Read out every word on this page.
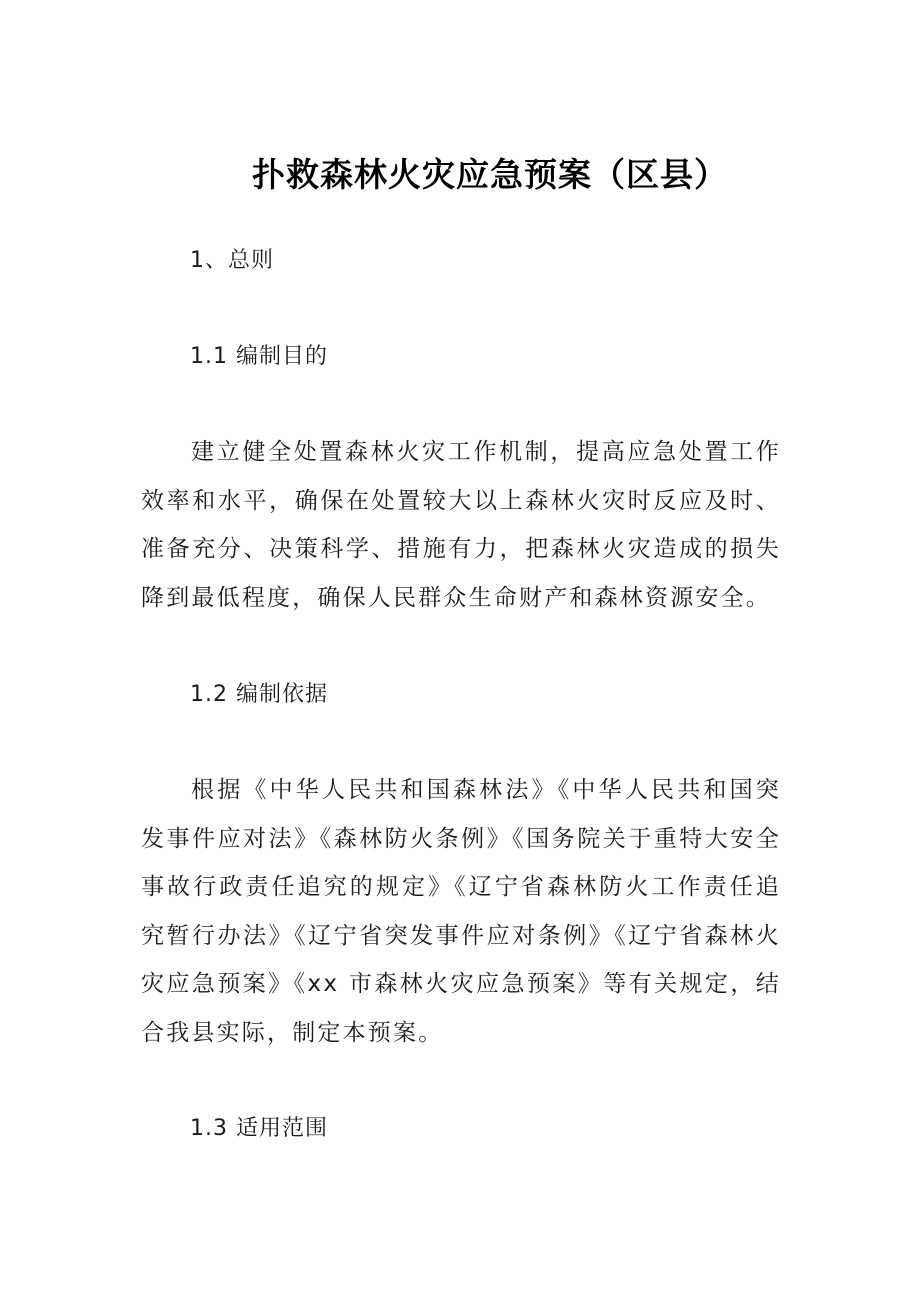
扑救森林火灾应急预案（区县）

1、总则

1.1 编制目的

建立健全处置森林火灾工作机制，提高应急处置工作效率和水平，确保在处置较大以上森林火灾时反应及时、准备充分、决策科学、措施有力，把森林火灾造成的损失降到最低程度，确保人民群众生命财产和森林资源安全。

1.2 编制依据

根据《中华人民共和国森林法》《中华人民共和国突发事件应对法》《森林防火条例》《国务院关于重特大安全事故行政责任追究的规定》《辽宁省森林防火工作责任追究暂行办法》《辽宁省突发事件应对条例》《辽宁省森林火灾应急预案》《xx 市森林火灾应急预案》等有关规定，结合我县实际，制定本预案。

1.3 适用范围
